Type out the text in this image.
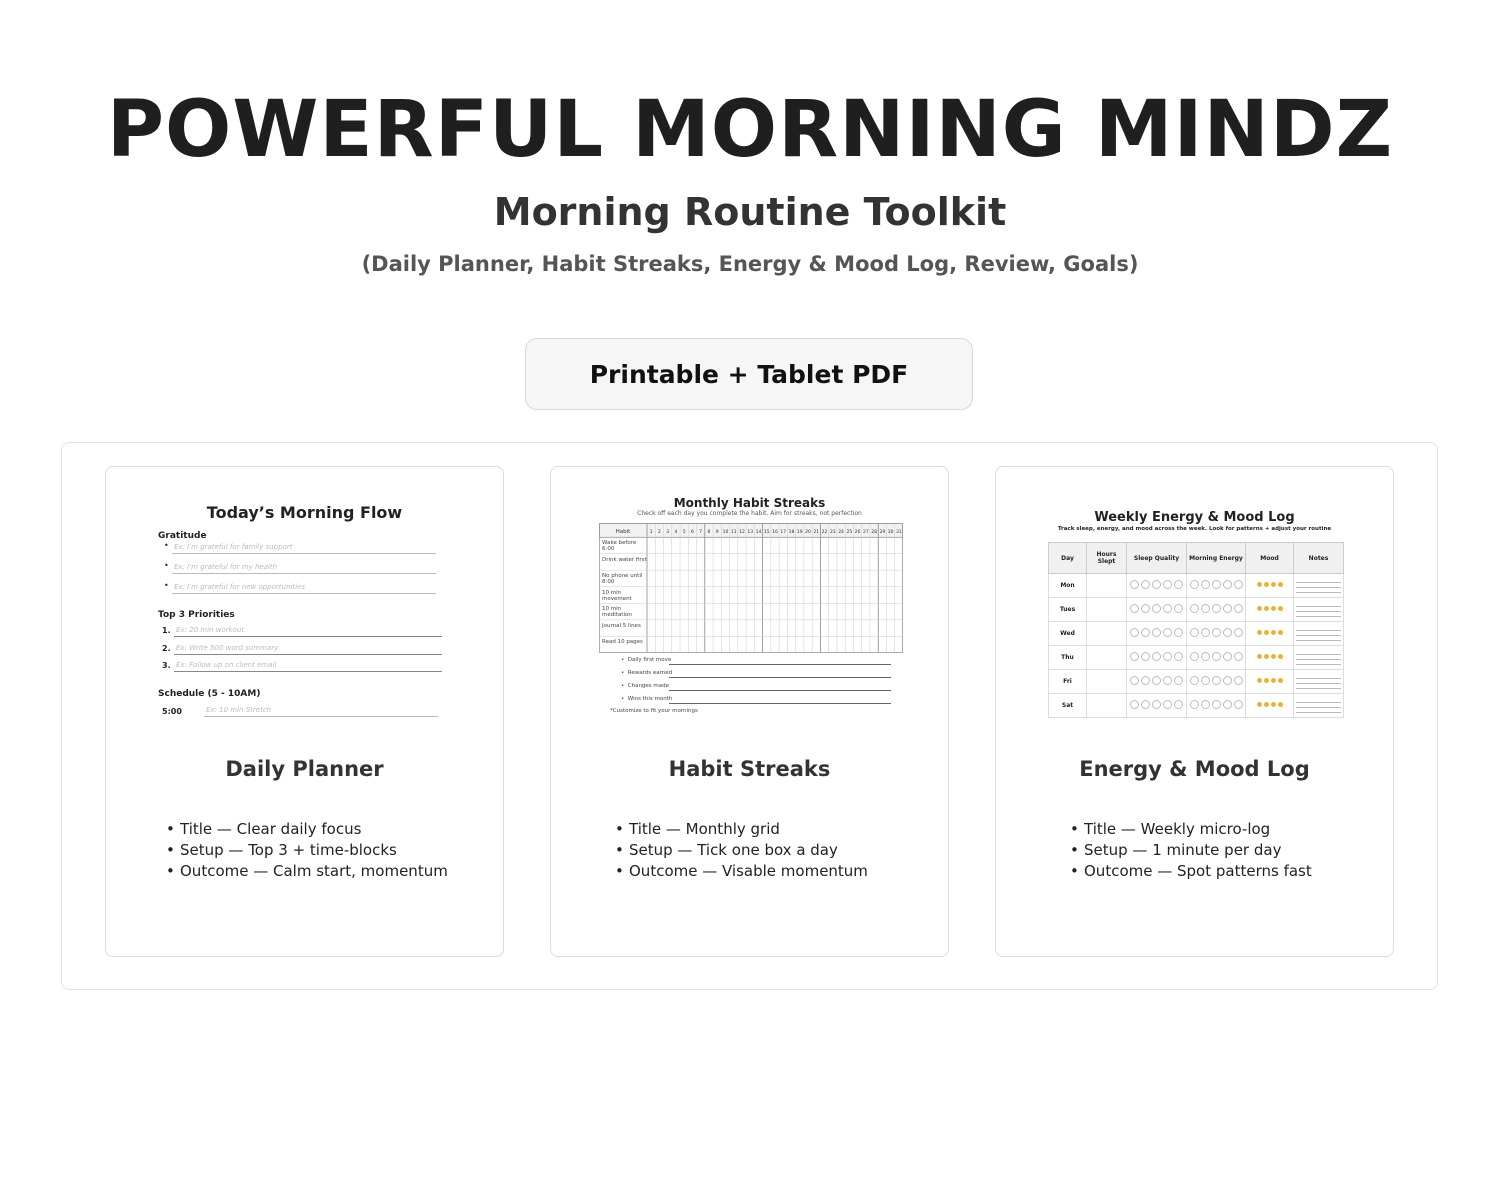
POWERFUL MORNING MINDZ
Morning Routine Toolkit
(Daily Planner, Habit Streaks, Energy & Mood Log, Review, Goals)
Printable + Tablet PDF
Today’s Morning Flow
Gratitude
• Ex: I'm grateful for family support
• Ex: I'm grateful for my health
• Ex: I'm grateful for new opportunities
Top 3 Priorities
1. Ex: 20 min workout
2. Ex: Write 500 word summary
3. Ex: Follow up on client email
Schedule (5 - 10AM)
5:00	Ex: 10 min Stretch
Daily Planner
• Title — Clear daily focus
• Setup — Top 3 + time-blocks
• Outcome — Calm start, momentum
Monthly Habit Streaks
Check off each day you complete the habit. Aim for streaks, not perfection
Habit	1 2 3 4 5 6 7 8 9 10 11 12 13 14 15 16 17 18 19 20 21 22 23 24 25 26 27 28 29 30 31
Wake before 6:00
Drink water first
No phone until 8:00
10 min movement
10 min meditation
Journal 5 lines
Read 10 pages
•  Daily first move
•  Rewards earned
•  Changes made
•  Wins this month
*Customize to fit your mornings
Habit Streaks
• Title — Monthly grid
• Setup — Tick one box a day
• Outcome — Visable momentum
Weekly Energy & Mood Log
Track sleep, energy, and mood across the week. Look for patterns + adjust your routine
Day	Hours Slept	Sleep Quality	Morning Energy	Mood	Notes
Mon					

Tues					

Wed					

Thu					

Fri					

Sat					
Energy & Mood Log
• Title — Weekly micro-log
• Setup — 1 minute per day
• Outcome — Spot patterns fast
